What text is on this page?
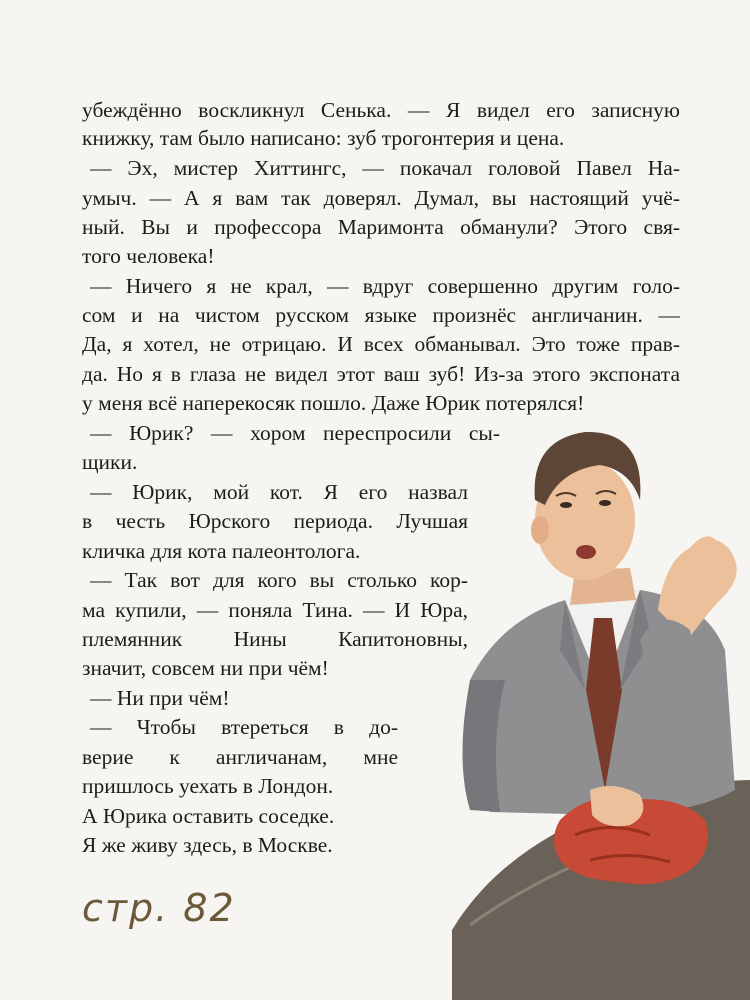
убеждённо воскликнул Сенька. — Я видел его записную
книжку, там было написано: зуб трогонтерия и цена.
— Эх, мистер Хиттингс, — покачал головой Павел На-
умыч. — А я вам так доверял. Думал, вы настоящий учё-
ный. Вы и профессора Маримонта обманули? Этого свя-
того человека!
— Ничего я не крал, — вдруг совершенно другим голо-
сом и на чистом русском языке произнёс англичанин. —
Да, я хотел, не отрицаю. И всех обманывал. Это тоже прав-
да. Но я в глаза не видел этот ваш зуб! Из-за этого экспоната
у меня всё наперекосяк пошло. Даже Юрик потерялся!
— Юрик? — хором переспросили сы-
щики.
— Юрик, мой кот. Я его назвал
в честь Юрского периода. Лучшая
кличка для кота палеонтолога.
— Так вот для кого вы столько кор-
ма купили, — поняла Тина. — И Юра,
племянник Нины Капитоновны,
значит, совсем ни при чём!
— Ни при чём!
— Чтобы втереться в до-
верие к англичанам, мне
пришлось уехать в Лондон.
А Юрика оставить соседке.
Я же живу здесь, в Москве.
стр. 82
